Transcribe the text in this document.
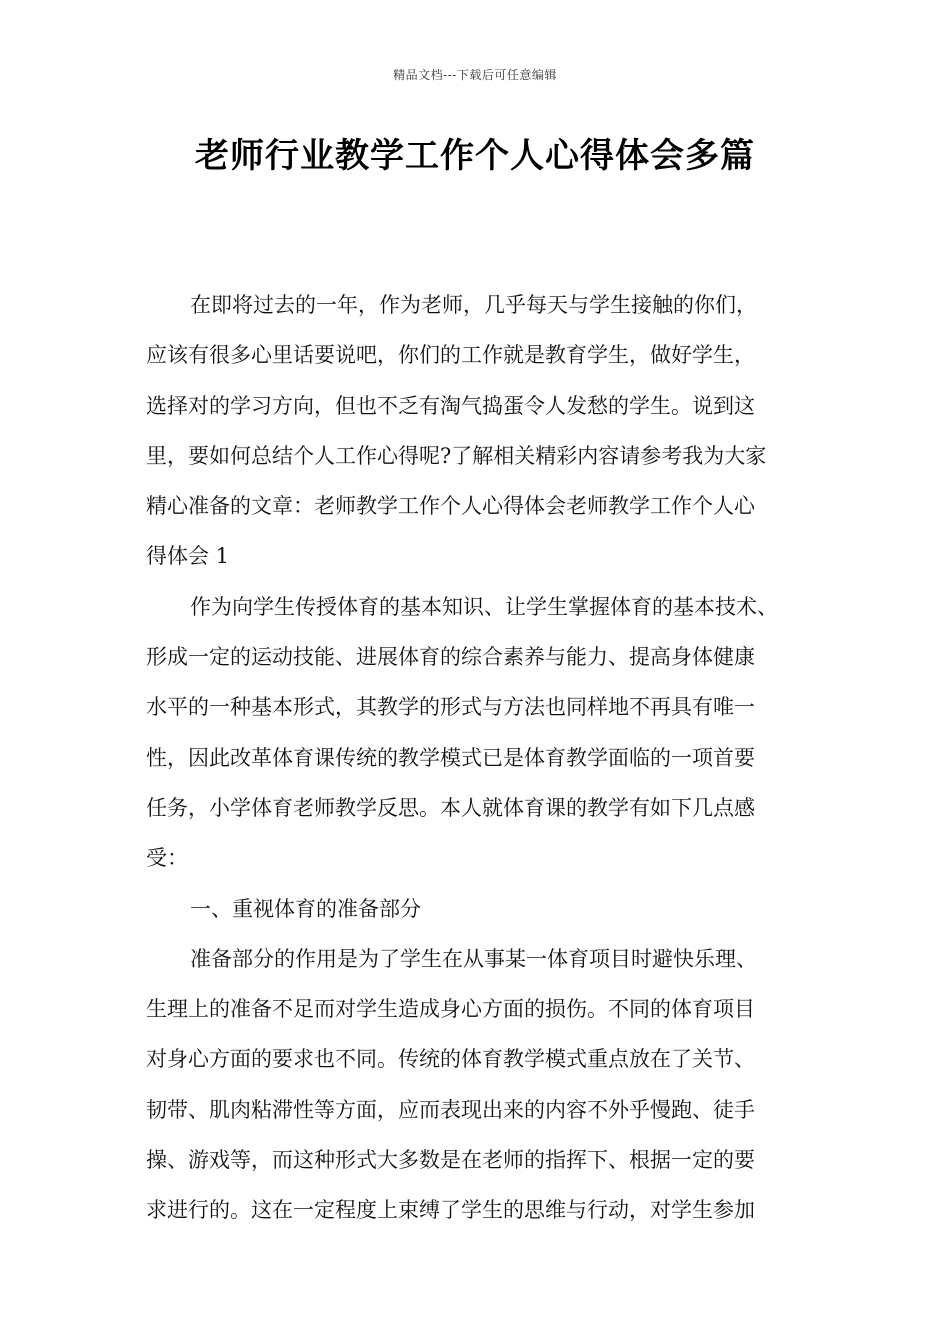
精品文档---下载后可任意编辑
老师行业教学工作个人心得体会多篇
在即将过去的一年，作为老师，几乎每天与学生接触的你们，
应该有很多心里话要说吧，你们的工作就是教育学生，做好学生，
选择对的学习方向，但也不乏有淘气捣蛋令人发愁的学生。说到这
里，要如何总结个人工作心得呢?了解相关精彩内容请参考我为大家
精心准备的文章：老师教学工作个人心得体会老师教学工作个人心
得体会 1
作为向学生传授体育的基本知识、让学生掌握体育的基本技术、
形成一定的运动技能、进展体育的综合素养与能力、提高身体健康
水平的一种基本形式，其教学的形式与方法也同样地不再具有唯一
性，因此改革体育课传统的教学模式已是体育教学面临的一项首要
任务，小学体育老师教学反思。本人就体育课的教学有如下几点感
受：
一、重视体育的准备部分
准备部分的作用是为了学生在从事某一体育项目时避快乐理、
生理上的准备不足而对学生造成身心方面的损伤。不同的体育项目
对身心方面的要求也不同。传统的体育教学模式重点放在了关节、
韧带、肌肉粘滞性等方面，应而表现出来的内容不外乎慢跑、徒手
操、游戏等，而这种形式大多数是在老师的指挥下、根据一定的要
求进行的。这在一定程度上束缚了学生的思维与行动，对学生参加
